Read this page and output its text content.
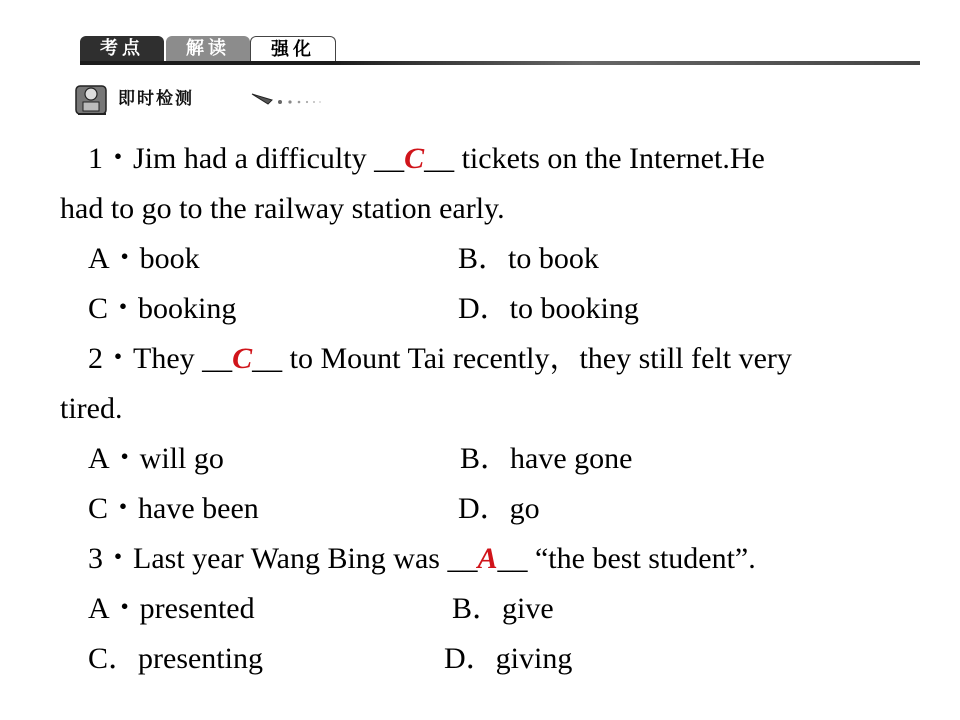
考点	解读	强化
即时检测
1・Jim had a difficulty __C__ tickets on the Internet.He
had to go to the railway station early.
A・book	B．to book
C・booking	D．to booking
2・They __C__ to Mount Tai recently，they still felt very
tired.
A・will go	B．have gone
C・have been	D．go
3・Last year Wang Bing was __A__ “the best student”.
A・presented	B．give
C．presenting	D．giving
